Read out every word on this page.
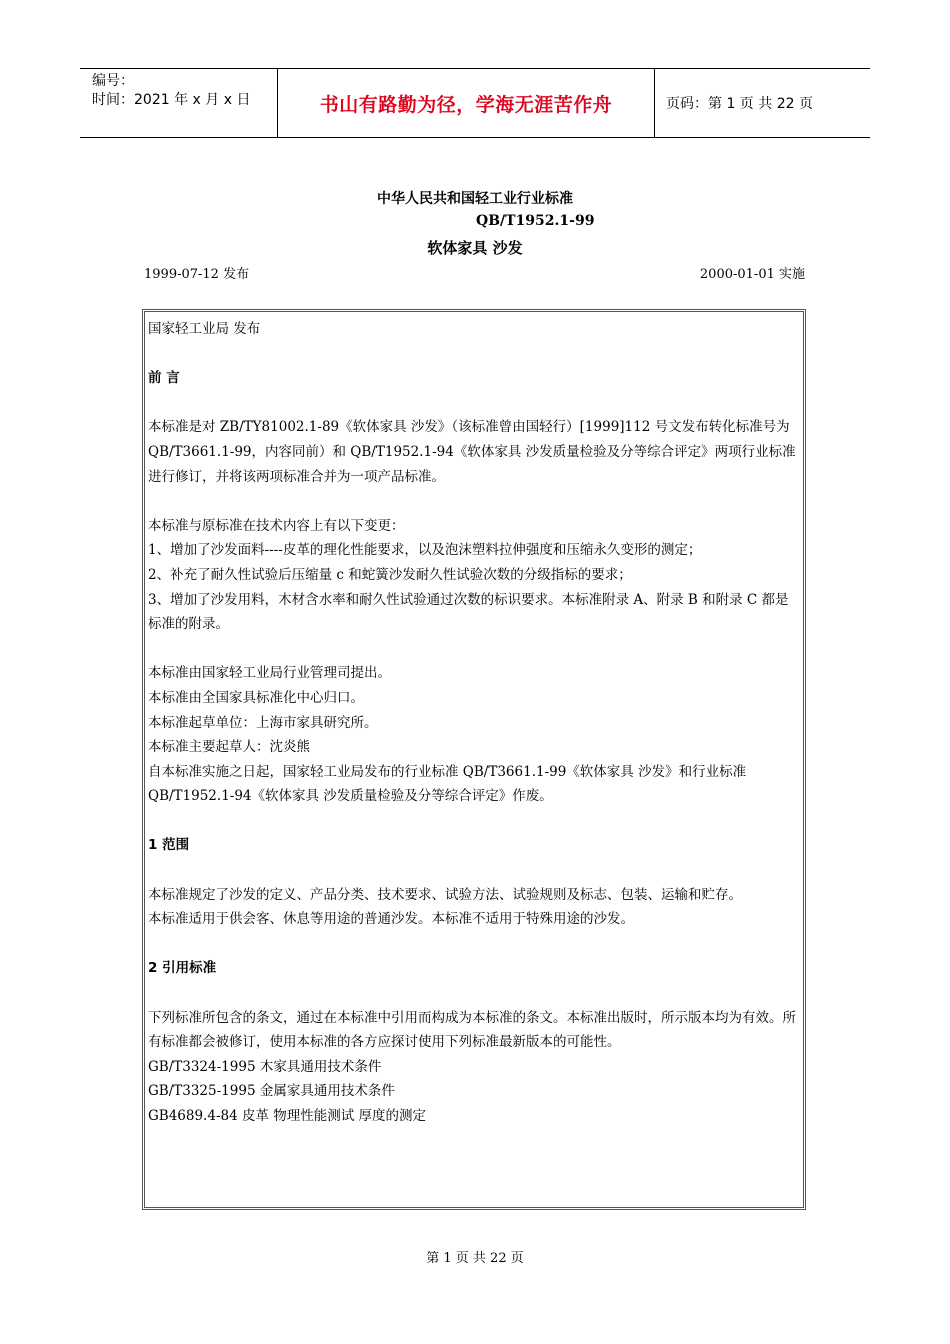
编号：
时间：2021 年 x 月 x 日	书山有路勤为径，学海无涯苦作舟	页码：第 1 页 共 22 页
中华人民共和国轻工业行业标准
QB/T1952.1-99
软体家具 沙发
1999-07-12 发布	2000-01-01 实施

国家轻工业局 发布

前 言

本标准是对 ZB/TY81002.1-89《软体家具 沙发》（该标准曾由国轻行）[1999]112 号文发布转化标准号为 QB/T3661.1-99，内容同前）和 QB/T1952.1-94《软体家具 沙发质量检验及分等综合评定》两项行业标准进行修订，并将该两项标准合并为一项产品标准。

本标准与原标准在技术内容上有以下变更：

1、增加了沙发面料----皮革的理化性能要求，以及泡沫塑料拉伸强度和压缩永久变形的测定；

2、补充了耐久性试验后压缩量 c 和蛇簧沙发耐久性试验次数的分级指标的要求；

3、增加了沙发用料，木材含水率和耐久性试验通过次数的标识要求。本标准附录 A、附录 B 和附录 C 都是标准的附录。

本标准由国家轻工业局行业管理司提出。

本标准由全国家具标准化中心归口。

本标准起草单位：上海市家具研究所。

本标准主要起草人：沈炎熊

自本标准实施之日起，国家轻工业局发布的行业标准 QB/T3661.1-99《软体家具 沙发》和行业标准 QB/T1952.1-94《软体家具 沙发质量检验及分等综合评定》作废。

1 范围

本标准规定了沙发的定义、产品分类、技术要求、试验方法、试验规则及标志、包装、运输和贮存。

本标准适用于供会客、休息等用途的普通沙发。本标准不适用于特殊用途的沙发。

2 引用标准

下列标准所包含的条文，通过在本标准中引用而构成为本标准的条文。本标准出版时，所示版本均为有效。所有标准都会被修订，使用本标准的各方应探讨使用下列标准最新版本的可能性。

GB/T3324-1995 木家具通用技术条件

GB/T3325-1995 金属家具通用技术条件

GB4689.4-84 皮革 物理性能测试 厚度的测定

第 1 页 共 22 页
